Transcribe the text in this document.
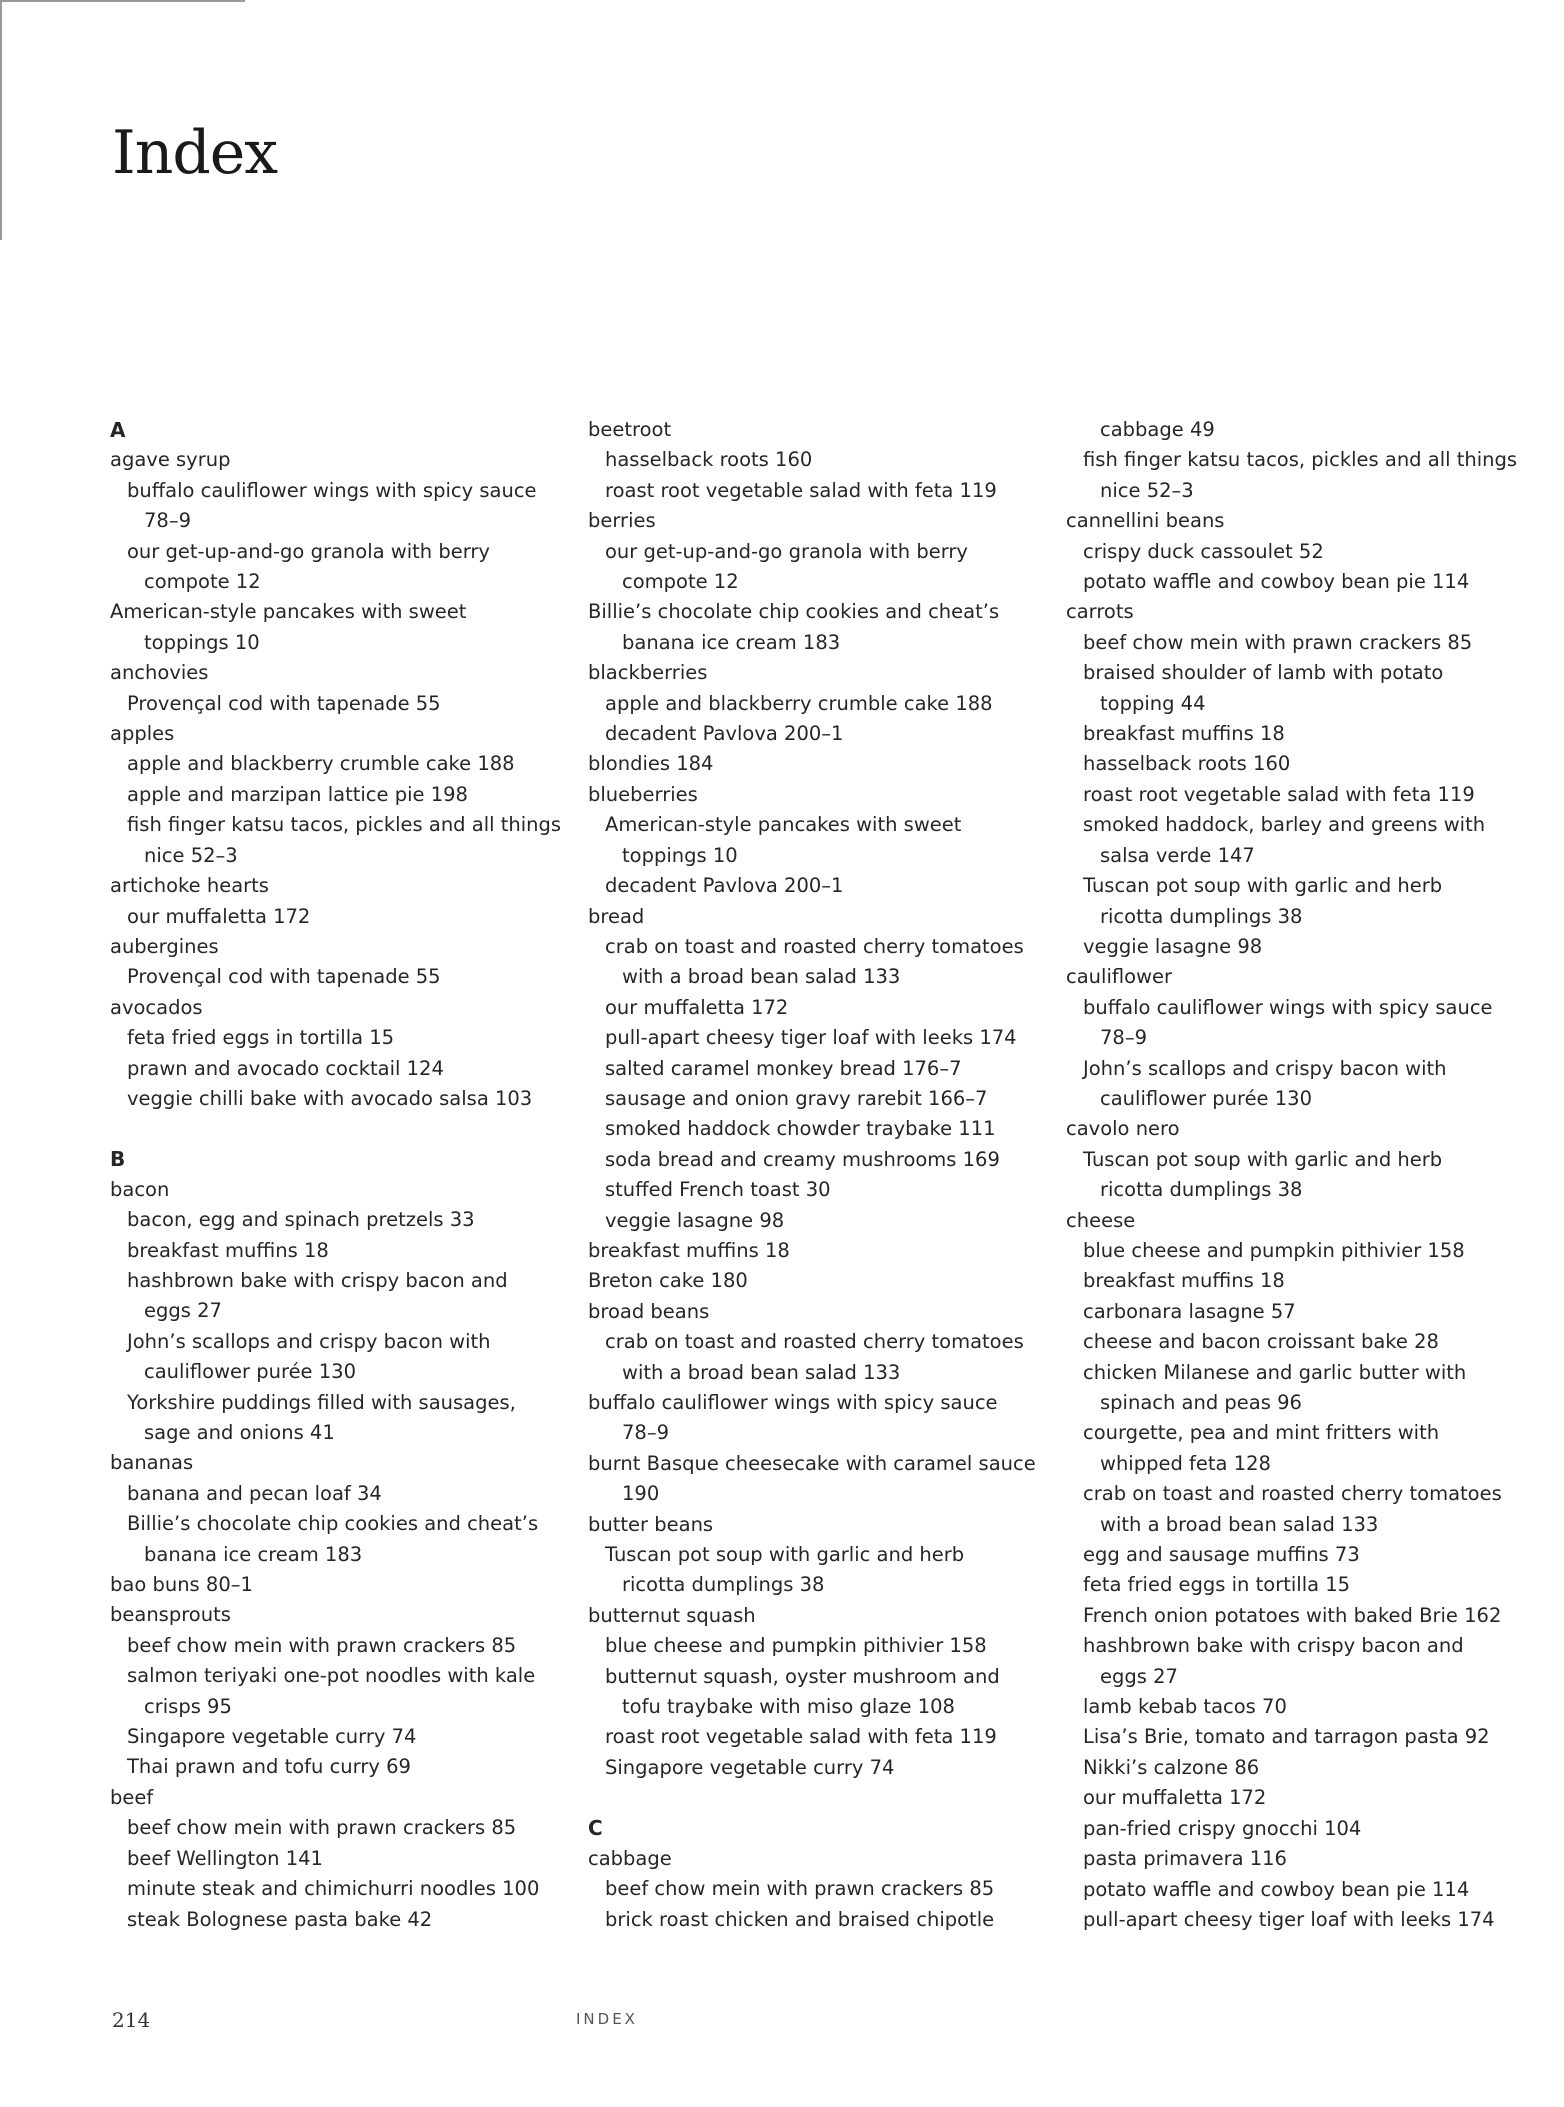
Index
A
agave syrup
buffalo cauliflower wings with spicy sauce
78–9
our get-up-and-go granola with berry
compote 12
American-style pancakes with sweet
toppings 10
anchovies
Provençal cod with tapenade 55
apples
apple and blackberry crumble cake 188
apple and marzipan lattice pie 198
fish finger katsu tacos, pickles and all things
nice 52–3
artichoke hearts
our muffaletta 172
aubergines
Provençal cod with tapenade 55
avocados
feta fried eggs in tortilla 15
prawn and avocado cocktail 124
veggie chilli bake with avocado salsa 103
B
bacon
bacon, egg and spinach pretzels 33
breakfast muffins 18
hashbrown bake with crispy bacon and
eggs 27
John’s scallops and crispy bacon with
cauliflower purée 130
Yorkshire puddings filled with sausages,
sage and onions 41
bananas
banana and pecan loaf 34
Billie’s chocolate chip cookies and cheat’s
banana ice cream 183
bao buns 80–1
beansprouts
beef chow mein with prawn crackers 85
salmon teriyaki one-pot noodles with kale
crisps 95
Singapore vegetable curry 74
Thai prawn and tofu curry 69
beef
beef chow mein with prawn crackers 85
beef Wellington 141
minute steak and chimichurri noodles 100
steak Bolognese pasta bake 42
beetroot
hasselback roots 160
roast root vegetable salad with feta 119
berries
our get-up-and-go granola with berry
compote 12
Billie’s chocolate chip cookies and cheat’s
banana ice cream 183
blackberries
apple and blackberry crumble cake 188
decadent Pavlova 200–1
blondies 184
blueberries
American-style pancakes with sweet
toppings 10
decadent Pavlova 200–1
bread
crab on toast and roasted cherry tomatoes
with a broad bean salad 133
our muffaletta 172
pull-apart cheesy tiger loaf with leeks 174
salted caramel monkey bread 176–7
sausage and onion gravy rarebit 166–7
smoked haddock chowder traybake 111
soda bread and creamy mushrooms 169
stuffed French toast 30
veggie lasagne 98
breakfast muffins 18
Breton cake 180
broad beans
crab on toast and roasted cherry tomatoes
with a broad bean salad 133
buffalo cauliflower wings with spicy sauce
78–9
burnt Basque cheesecake with caramel sauce
190
butter beans
Tuscan pot soup with garlic and herb
ricotta dumplings 38
butternut squash
blue cheese and pumpkin pithivier 158
butternut squash, oyster mushroom and
tofu traybake with miso glaze 108
roast root vegetable salad with feta 119
Singapore vegetable curry 74
C
cabbage
beef chow mein with prawn crackers 85
brick roast chicken and braised chipotle
cabbage 49
fish finger katsu tacos, pickles and all things
nice 52–3
cannellini beans
crispy duck cassoulet 52
potato waffle and cowboy bean pie 114
carrots
beef chow mein with prawn crackers 85
braised shoulder of lamb with potato
topping 44
breakfast muffins 18
hasselback roots 160
roast root vegetable salad with feta 119
smoked haddock, barley and greens with
salsa verde 147
Tuscan pot soup with garlic and herb
ricotta dumplings 38
veggie lasagne 98
cauliflower
buffalo cauliflower wings with spicy sauce
78–9
John’s scallops and crispy bacon with
cauliflower purée 130
cavolo nero
Tuscan pot soup with garlic and herb
ricotta dumplings 38
cheese
blue cheese and pumpkin pithivier 158
breakfast muffins 18
carbonara lasagne 57
cheese and bacon croissant bake 28
chicken Milanese and garlic butter with
spinach and peas 96
courgette, pea and mint fritters with
whipped feta 128
crab on toast and roasted cherry tomatoes
with a broad bean salad 133
egg and sausage muffins 73
feta fried eggs in tortilla 15
French onion potatoes with baked Brie 162
hashbrown bake with crispy bacon and
eggs 27
lamb kebab tacos 70
Lisa’s Brie, tomato and tarragon pasta 92
Nikki’s calzone 86
our muffaletta 172
pan-fried crispy gnocchi 104
pasta primavera 116
potato waffle and cowboy bean pie 114
pull-apart cheesy tiger loaf with leeks 174
214	INDEX
